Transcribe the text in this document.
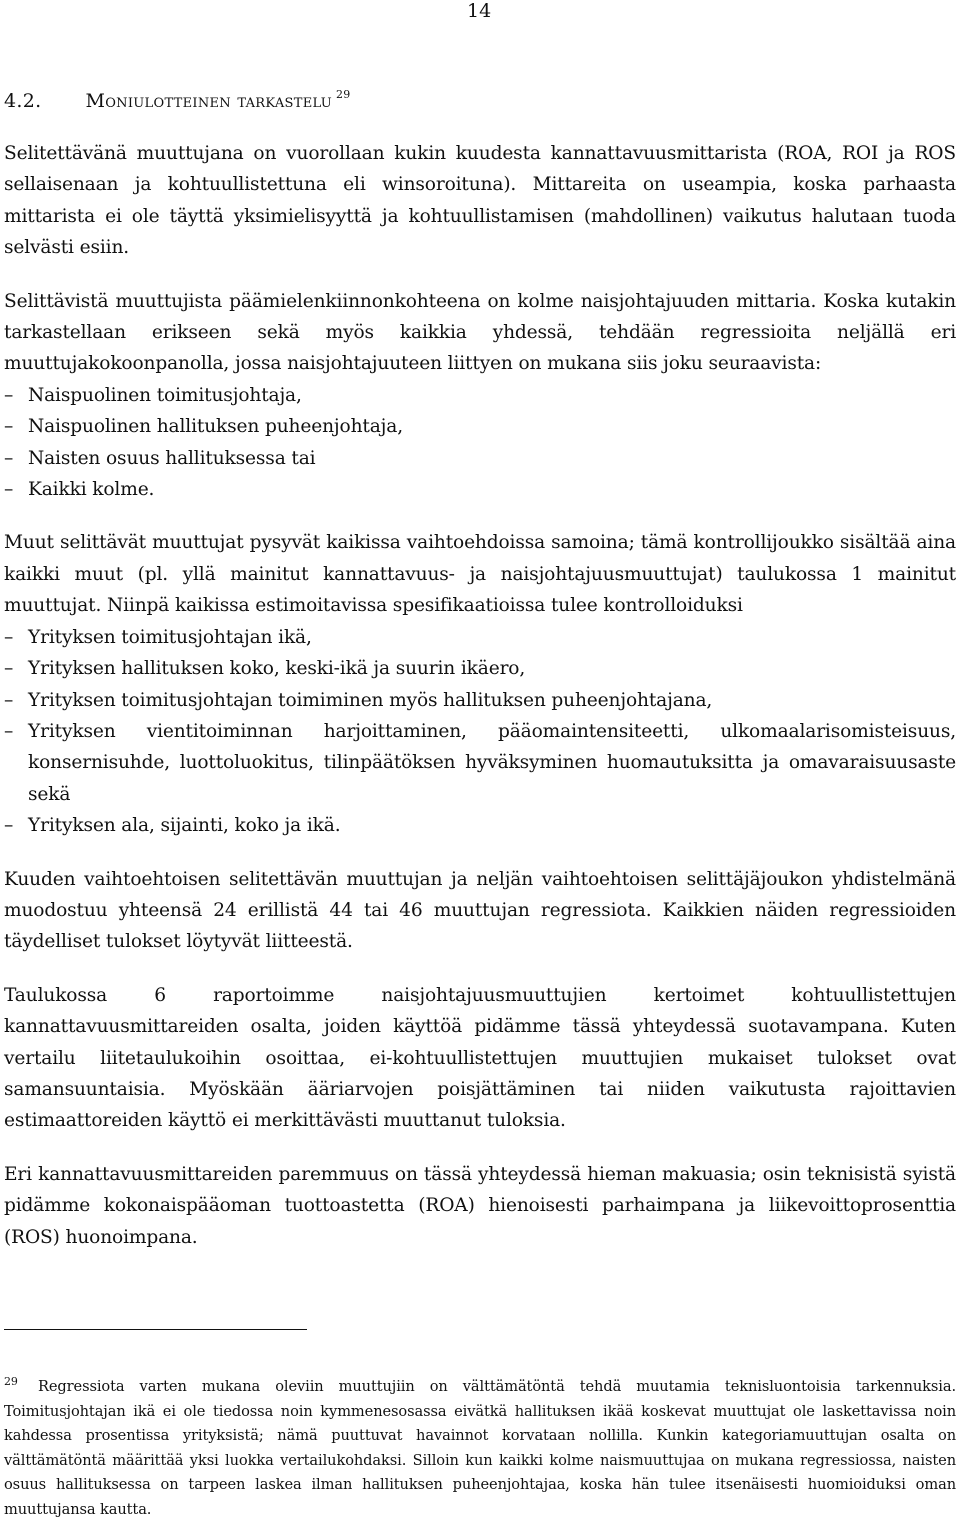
14
4.2. Moniulotteinen tarkastelu $^{29}$

Selitettävänä muuttujana on vuorollaan kukin kuudesta kannattavuusmittarista (ROA, ROI ja ROS sellaisenaan ja kohtuullistettuna eli winsoroituna). Mittareita on useampia, koska parhaasta mittarista ei ole täyttä yksimielisyyttä ja kohtuullistamisen (mahdollinen) vaikutus halutaan tuoda selvästi esiin.

Selittävistä muuttujista päämielenkiinnonkohteena on kolme naisjohtajuuden mittaria. Koska kutakin tarkastellaan erikseen sekä myös kaikkia yhdessä, tehdään regressioita neljällä eri muuttujakokoonpanolla, jossa naisjohtajuuteen liittyen on mukana siis joku seuraavista:

– Naispuolinen toimitusjohtaja,
– Naispuolinen hallituksen puheenjohtaja,
– Naisten osuus hallituksessa tai
– Kaikki kolme.

Muut selittävät muuttujat pysyvät kaikissa vaihtoehdoissa samoina; tämä kontrollijoukko sisältää aina kaikki muut (pl. yllä mainitut kannattavuus- ja naisjohtajuusmuuttujat) taulukossa 1 mainitut muuttujat. Niinpä kaikissa estimoitavissa spesifikaatioissa tulee kontrolloiduksi

– Yrityksen toimitusjohtajan ikä,
– Yrityksen hallituksen koko, keski-ikä ja suurin ikäero,
– Yrityksen toimitusjohtajan toimiminen myös hallituksen puheenjohtajana,
– Yrityksen vientitoiminnan harjoittaminen, pääomaintensiteetti, ulkomaalarisomisteisuus, konsernisuhde, luottoluokitus, tilinpäätöksen hyväksyminen huomautuksitta ja omavaraisuusaste sekä
– Yrityksen ala, sijainti, koko ja ikä.

Kuuden vaihtoehtoisen selitettävän muuttujan ja neljän vaihtoehtoisen selittäjäjoukon yhdistelmänä muodostuu yhteensä 24 erillistä 44 tai 46 muuttujan regressiota. Kaikkien näiden regressioiden täydelliset tulokset löytyvät liitteestä.

Taulukossa 6 raportoimme naisjohtajuusmuuttujien kertoimet kohtuullistettujen kannattavuusmittareiden osalta, joiden käyttöä pidämme tässä yhteydessä suotavampana. Kuten vertailu liitetaulukoihin osoittaa, ei-kohtuullistettujen muuttujien mukaiset tulokset ovat samansuuntaisia. Myöskään ääriarvojen poisjättäminen tai niiden vaikutusta rajoittavien estimaattoreiden käyttö ei merkittävästi muuttanut tuloksia.

Eri kannattavuusmittareiden paremmuus on tässä yhteydessä hieman makuasia; osin teknisistä syistä pidämme kokonaispääoman tuottoastetta (ROA) hienoisesti parhaimpana ja liikevoittoprosenttia (ROS) huonoimpana.

29 Regressiota varten mukana oleviin muuttujiin on välttämätöntä tehdä muutamia teknisluontoisia tarkennuksia. Toimitusjohtajan ikä ei ole tiedossa noin kymmenesosassa eivätkä hallituksen ikää koskevat muuttujat ole laskettavissa noin kahdessa prosentissa yrityksistä; nämä puuttuvat havainnot korvataan nollilla. Kunkin kategoriamuuttujan osalta on välttämätöntä määrittää yksi luokka vertailukohdaksi. Silloin kun kaikki kolme naismuuttujaa on mukana regressiossa, naisten osuus hallituksessa on tarpeen laskea ilman hallituksen puheenjohtajaa, koska hän tulee itsenäisesti huomioiduksi oman muuttujansa kautta.
